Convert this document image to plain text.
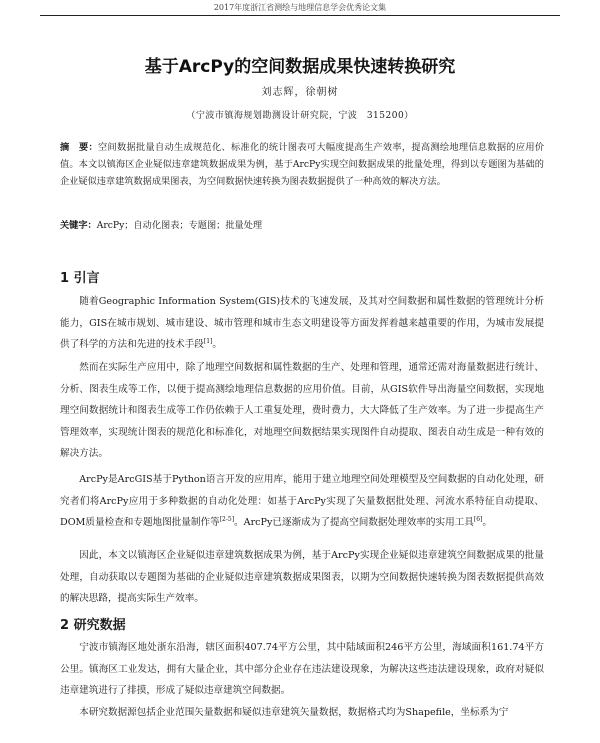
2017年度浙江省测绘与地理信息学会优秀论文集
基于ArcPy的空间数据成果快速转换研究
刘志辉，徐朝树
（宁波市镇海规划勘测设计研究院，宁波　315200）
摘　要：空间数据批量自动生成规范化、标准化的统计图表可大幅度提高生产效率，提高测绘地理信息数据的应用价值。本文以镇海区企业疑似违章建筑数据成果为例，基于ArcPy实现空间数据成果的批量处理，得到以专题图为基础的企业疑似违章建筑数据成果图表，为空间数据快速转换为图表数据提供了一种高效的解决方法。
关键字：ArcPy；自动化图表；专题图；批量处理
1 引言

随着Geographic Information System(GIS)技术的飞速发展，及其对空间数据和属性数据的管理统计分析能力，GIS在城市规划、城市建设、城市管理和城市生态文明建设等方面发挥着越来越重要的作用，为城市发展提供了科学的方法和先进的技术手段[1]。

然而在实际生产应用中，除了地理空间数据和属性数据的生产、处理和管理，通常还需对海量数据进行统计、分析、图表生成等工作，以便于提高测绘地理信息数据的应用价值。目前，从GIS软件导出海量空间数据，实现地理空间数据统计和图表生成等工作仍依赖于人工重复处理，费时费力，大大降低了生产效率。为了进一步提高生产管理效率，实现统计图表的规范化和标准化，对地理空间数据结果实现图件自动提取、图表自动生成是一种有效的解决方法。

ArcPy是ArcGIS基于Python语言开发的应用库，能用于建立地理空间处理模型及空间数据的自动化处理，研究者们将ArcPy应用于多种数据的自动化处理：如基于ArcPy实现了矢量数据批处理、河流水系特征自动提取、DOM质量检查和专题地图批量制作等[2-5]。ArcPy已逐渐成为了提高空间数据处理效率的实用工具[6]。

因此，本文以镇海区企业疑似违章建筑数据成果为例，基于ArcPy实现企业疑似违章建筑空间数据成果的批量处理，自动获取以专题图为基础的企业疑似违章建筑数据成果图表，以期为空间数据快速转换为图表数据提供高效的解决思路，提高实际生产效率。

2 研究数据

宁波市镇海区地处浙东沿海，辖区面积407.74平方公里，其中陆域面积246平方公里，海域面积161.74平方公里。镇海区工业发达，拥有大量企业，其中部分企业存在违法建设现象，为解决这些违法建设现象，政府对疑似违章建筑进行了排摸，形成了疑似违章建筑空间数据。

本研究数据源包括企业范围矢量数据和疑似违章建筑矢量数据，数据格式均为Shapefile，坐标系为宁
